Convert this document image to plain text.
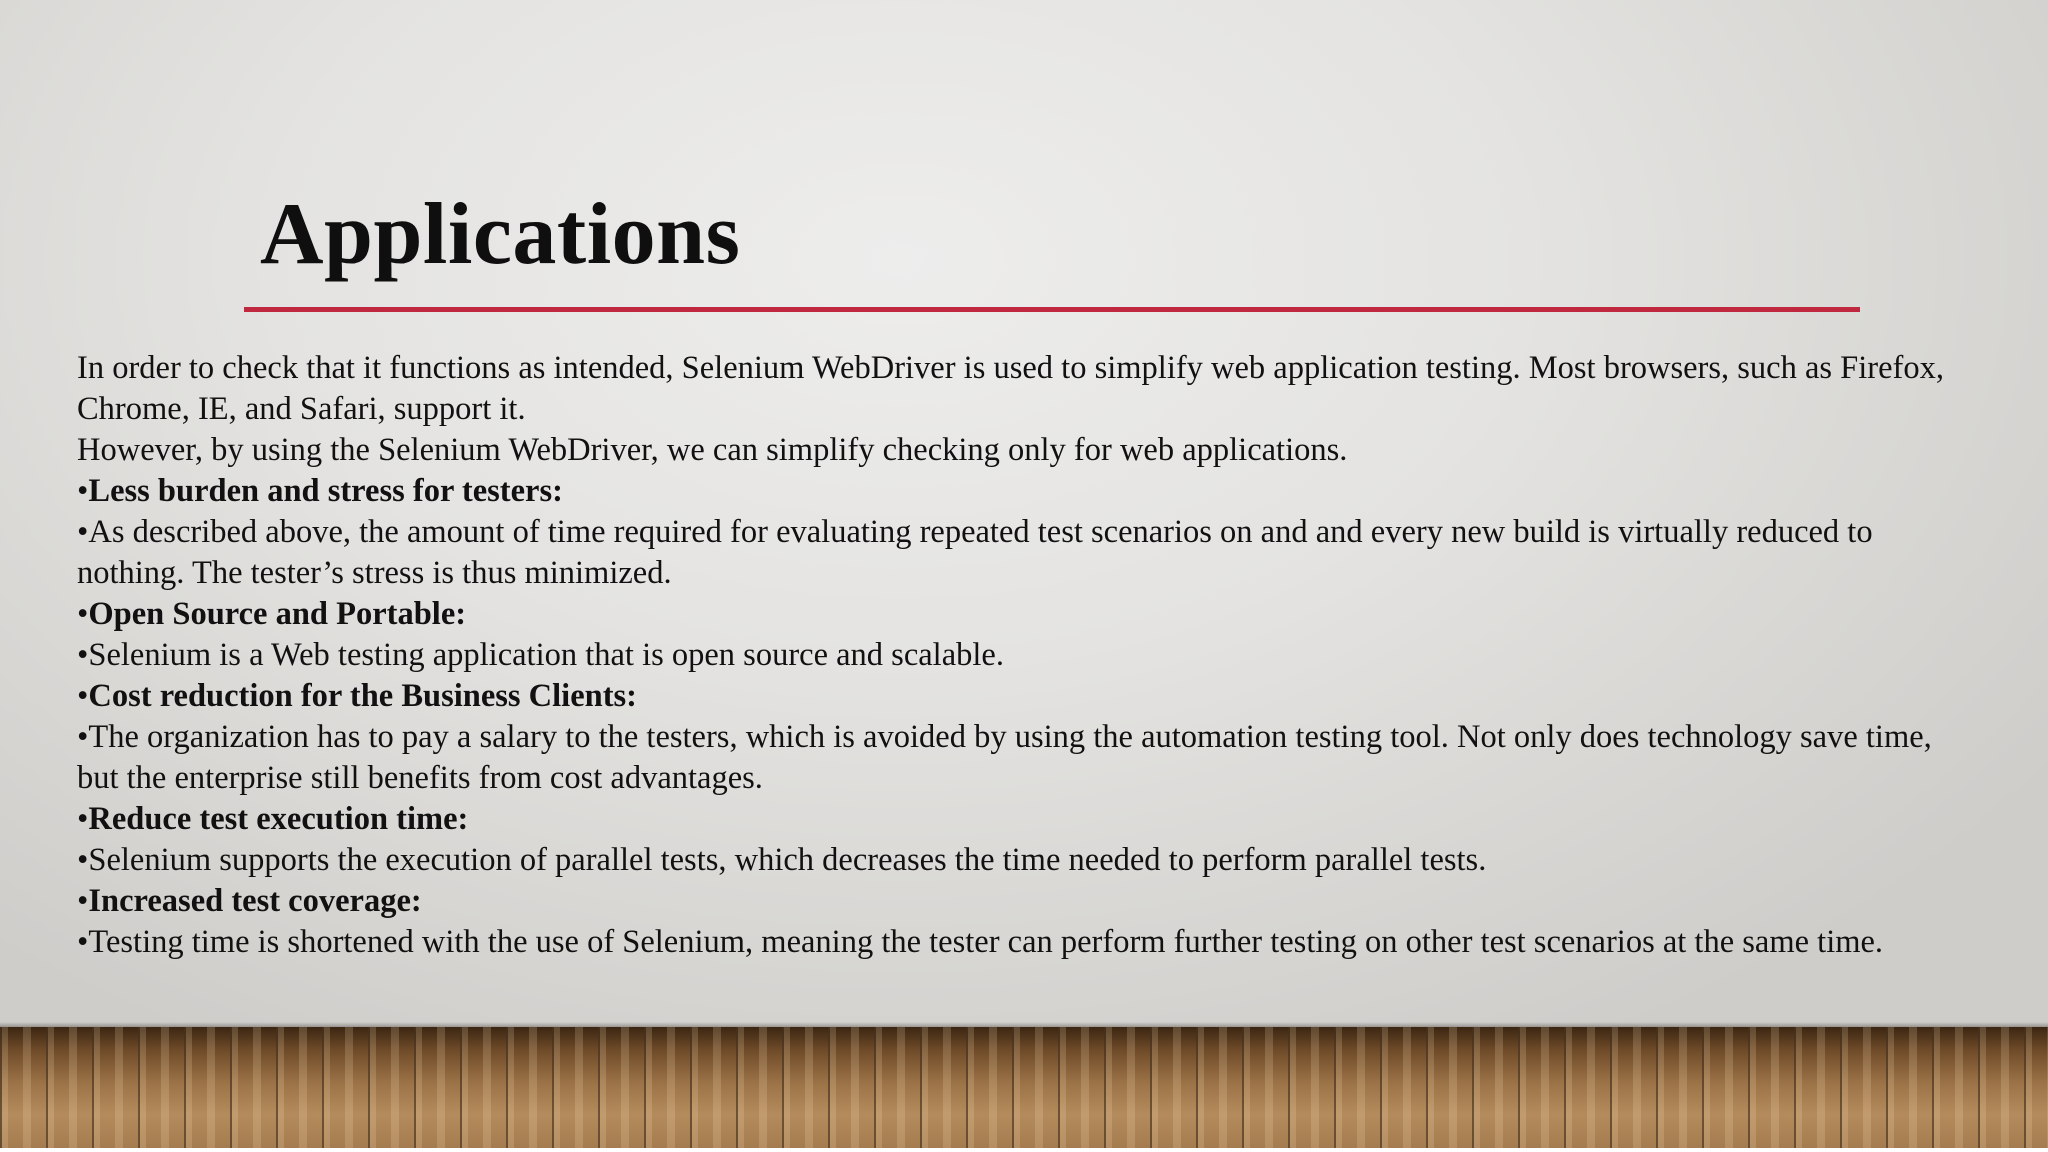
Applications

In order to check that it functions as intended, Selenium WebDriver is used to simplify web application testing. Most browsers, such as Firefox, Chrome, IE, and Safari, support it.

However, by using the Selenium WebDriver, we can simplify checking only for web applications.

•Less burden and stress for testers:

•As described above, the amount of time required for evaluating repeated test scenarios on and and every new build is virtually reduced to nothing. The tester’s stress is thus minimized.

•Open Source and Portable:

•Selenium is a Web testing application that is open source and scalable.

•Cost reduction for the Business Clients:

•The organization has to pay a salary to the testers, which is avoided by using the automation testing tool. Not only does technology save time, but the enterprise still benefits from cost advantages.

•Reduce test execution time:

•Selenium supports the execution of parallel tests, which decreases the time needed to perform parallel tests.

•Increased test coverage:

•Testing time is shortened with the use of Selenium, meaning the tester can perform further testing on other test scenarios at the same time.
